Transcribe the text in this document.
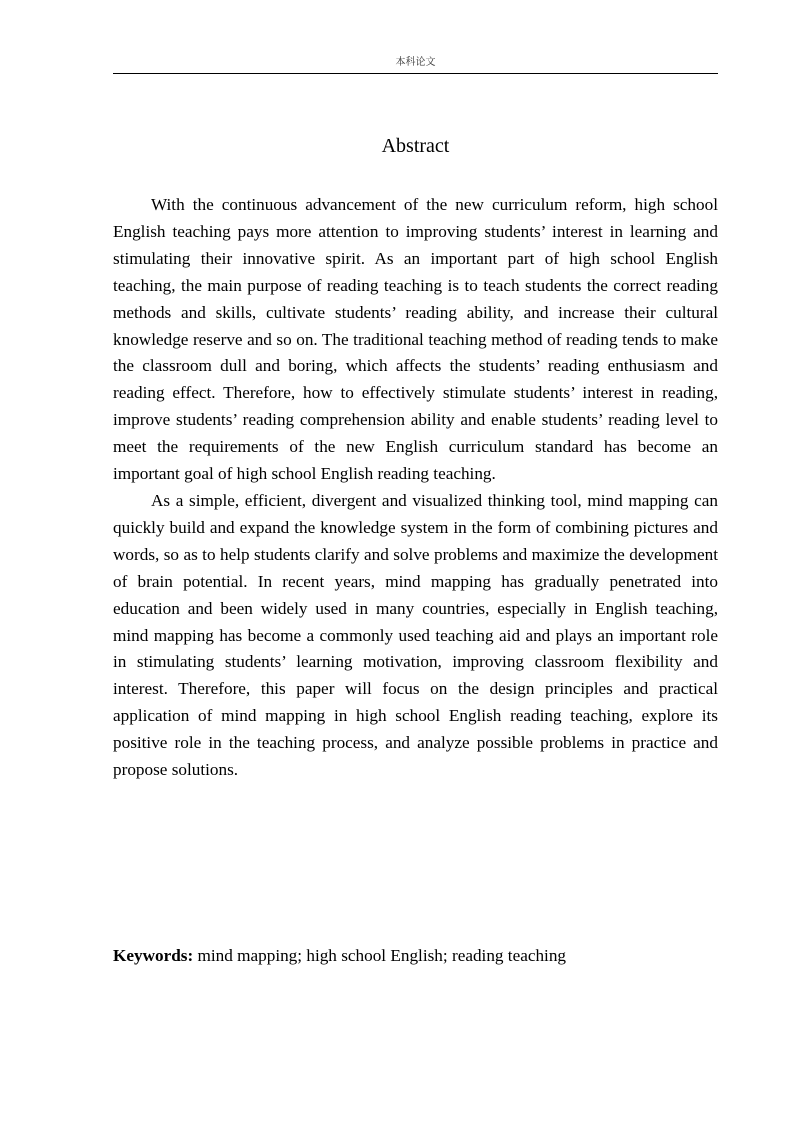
本科论文
Abstract

With the continuous advancement of the new curriculum reform, high school English teaching pays more attention to improving students’ interest in learning and stimulating their innovative spirit. As an important part of high school English teaching, the main purpose of reading teaching is to teach students the correct reading methods and skills, cultivate students’ reading ability, and increase their cultural knowledge reserve and so on. The traditional teaching method of reading tends to make the classroom dull and boring, which affects the students’ reading enthusiasm and reading effect. Therefore, how to effectively stimulate students’ interest in reading, improve students’ reading comprehension ability and enable students’ reading level to meet the requirements of the new English curriculum standard has become an important goal of high school English reading teaching.

As a simple, efficient, divergent and visualized thinking tool, mind mapping can quickly build and expand the knowledge system in the form of combining pictures and words, so as to help students clarify and solve problems and maximize the development of brain potential. In recent years, mind mapping has gradually penetrated into education and been widely used in many countries, especially in English teaching, mind mapping has become a commonly used teaching aid and plays an important role in stimulating students’ learning motivation, improving classroom flexibility and interest. Therefore, this paper will focus on the design principles and practical application of mind mapping in high school English reading teaching, explore its positive role in the teaching process, and analyze possible problems in practice and propose solutions.

Keywords: mind mapping; high school English; reading teaching
